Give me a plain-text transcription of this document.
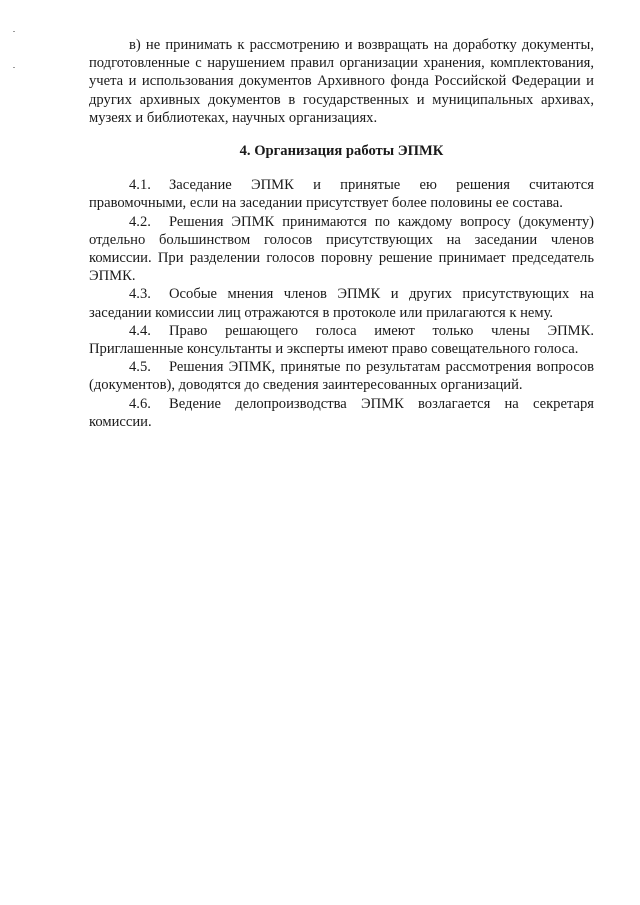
в) не принимать к рассмотрению и возвращать на доработку документы, подготовленные с нарушением правил организации хранения, комплектования, учета и использования документов Архивного фонда Российской Федерации и других архивных документов в государственных и муниципальных архивах, музеях и библиотеках, научных организациях.

4. Организация работы ЭПМК

4.1. Заседание ЭПМК и принятые ею решения считаются правомочными, если на заседании присутствует более половины ее состава.

4.2. Решения ЭПМК принимаются по каждому вопросу (документу) отдельно большинством голосов присутствующих на заседании членов комиссии. При разделении голосов поровну решение принимает председатель ЭПМК.

4.3. Особые мнения членов ЭПМК и других присутствующих на заседании комиссии лиц отражаются в протоколе или прилагаются к нему.

4.4. Право решающего голоса имеют только члены ЭПМК. Приглашенные консультанты и эксперты имеют право совещательного голоса.

4.5. Решения ЭПМК, принятые по результатам рассмотрения вопросов (документов), доводятся до сведения заинтересованных организаций.

4.6. Ведение делопроизводства ЭПМК возлагается на секретаря комиссии.
